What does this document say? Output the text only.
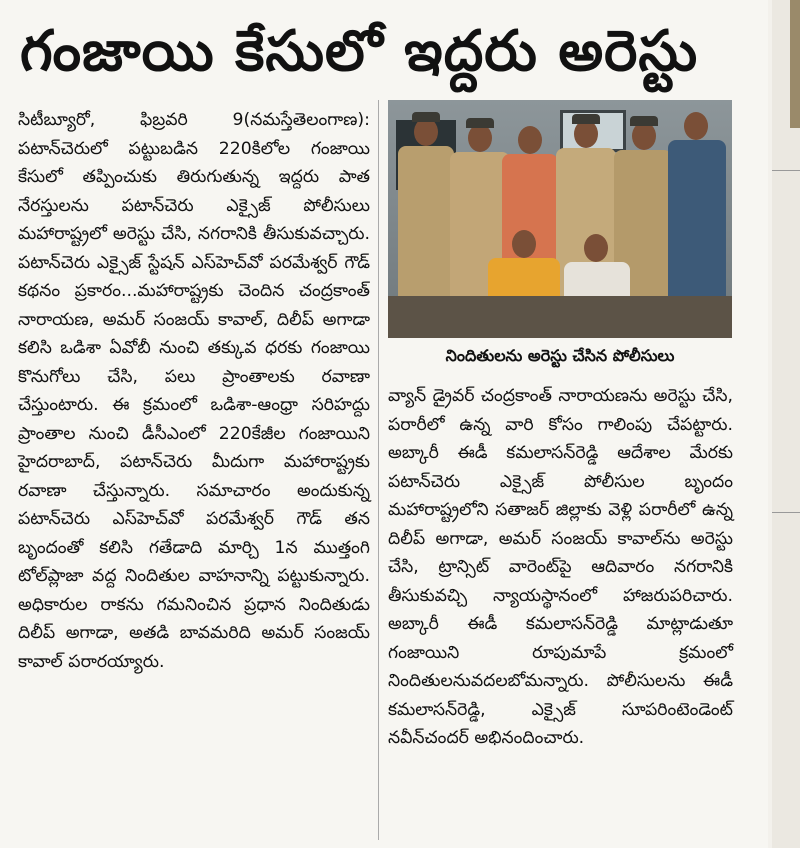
గంజాయి కేసులో ఇద్దరు అరెస్టు

సిటీబ్యూరో, ఫిబ్రవరి 9(నమస్తేతెలంగాణ): పటాన్‌చెరులో పట్టుబడిన 220కిలోల గంజాయి కేసులో తప్పించుకు తిరుగుతున్న ఇద్దరు పాత నేరస్తులను పటాన్‌చెరు ఎక్సైజ్ పోలీసులు మహారాష్ట్రలో అరెస్టు చేసి, నగరానికి తీసుకువచ్చారు. పటాన్‌చెరు ఎక్సైజ్ స్టేషన్ ఎస్‌హెచ్‌వో పరమేశ్వర్ గౌడ్ కథనం ప్రకారం...మహారాష్ట్రకు చెందిన చంద్రకాంత్ నారాయణ, అమర్ సంజయ్ కావాల్, దిలీప్ అగాడా కలిసి ఒడిశా ఏవోబీ నుంచి తక్కువ ధరకు గంజాయి కొనుగోలు చేసి, పలు ప్రాంతాలకు రవాణా చేస్తుంటారు. ఈ క్రమంలో ఒడిశా-ఆంధ్రా సరిహద్దు ప్రాంతాల నుంచి డీసీఎంలో 220కేజీల గంజాయిని హైదరాబాద్, పటాన్‌చెరు మీదుగా మహారాష్ట్రకు రవాణా చేస్తున్నారు. సమాచారం అందుకున్న పటాన్‌చెరు ఎస్‌హెచ్‌వో పరమేశ్వర్ గౌడ్ తన బృందంతో కలిసి గతేడాది మార్చి 1న ముత్తంగి టోల్‌ప్లాజా వద్ద నిందితుల వాహనాన్ని పట్టుకున్నారు. అధికారుల రాకను గమనించిన ప్రధాన నిందితుడు దిలీప్ అగాడా, అతడి బావమరిది అమర్ సంజయ్ కావాల్ పరారయ్యారు.

నిందితులను అరెస్టు చేసిన పోలీసులు

వ్యాన్ డ్రైవర్ చంద్రకాంత్ నారాయణను అరెస్టు చేసి, పరారీలో ఉన్న వారి కోసం గాలింపు చేపట్టారు. అబ్కారీ ఈడీ కమలాసన్‌రెడ్డి ఆదేశాల మేరకు పటాన్‌చెరు ఎక్సైజ్ పోలీసుల బృందం మహారాష్ట్రలోని సతాజర్ జిల్లాకు వెళ్లి పరారీలో ఉన్న దిలీప్ అగాడా, అమర్ సంజయ్ కావాల్‌ను అరెస్టు చేసి, ట్రాన్సిట్ వారెంట్‌పై ఆదివారం నగరానికి తీసుకువచ్చి న్యాయస్థానంలో హాజరుపరిచారు. అబ్కారీ ఈడీ కమలాసన్‌రెడ్డి మాట్లాడుతూ గంజాయిని రూపుమాపే క్రమంలో నిందితులనువదలబోమన్నారు. పోలీసులను ఈడీ కమలాసన్‌రెడ్డి, ఎక్సైజ్ సూపరింటెండెంట్ నవీన్‌చందర్ అభినందించారు.
